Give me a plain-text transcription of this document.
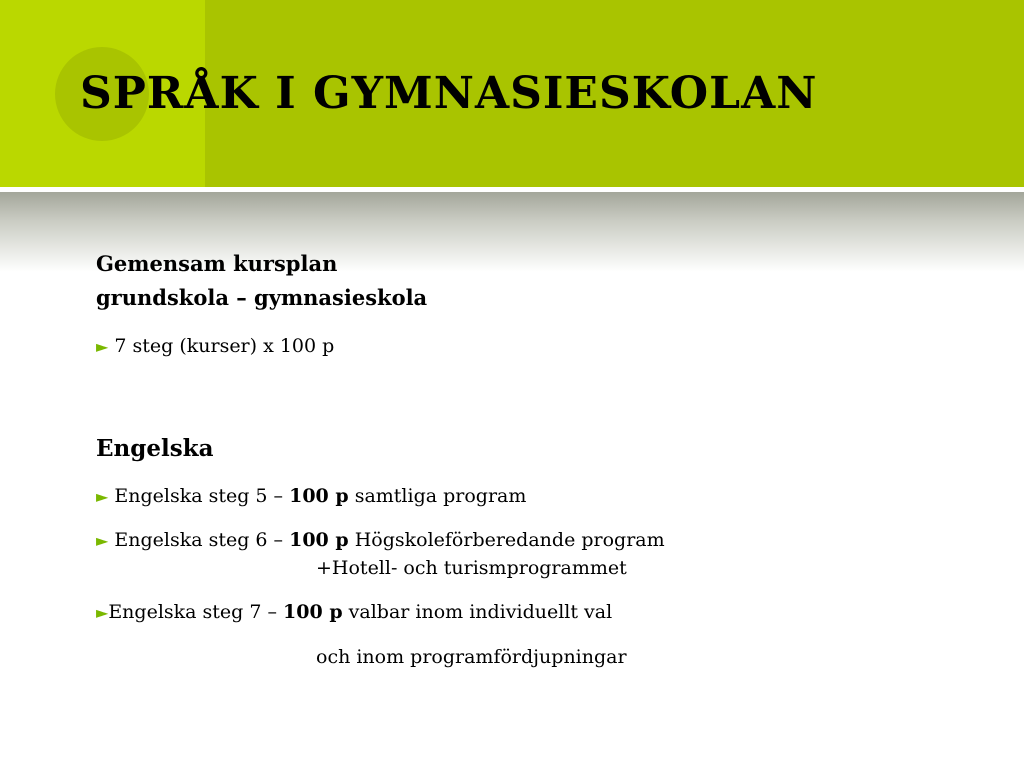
SPRÅK I GYMNASIESKOLAN

Gemensam kursplan

grundskola – gymnasieskola

► 7 steg (kurser) x 100 p

Engelska

► Engelska steg 5 – 100 p samtliga program
► Engelska steg 6 – 100 p Högskoleförberedande program
+Hotell- och turismprogrammet
►Engelska steg 7 – 100 p valbar inom individuellt val
och inom programfördjupningar
